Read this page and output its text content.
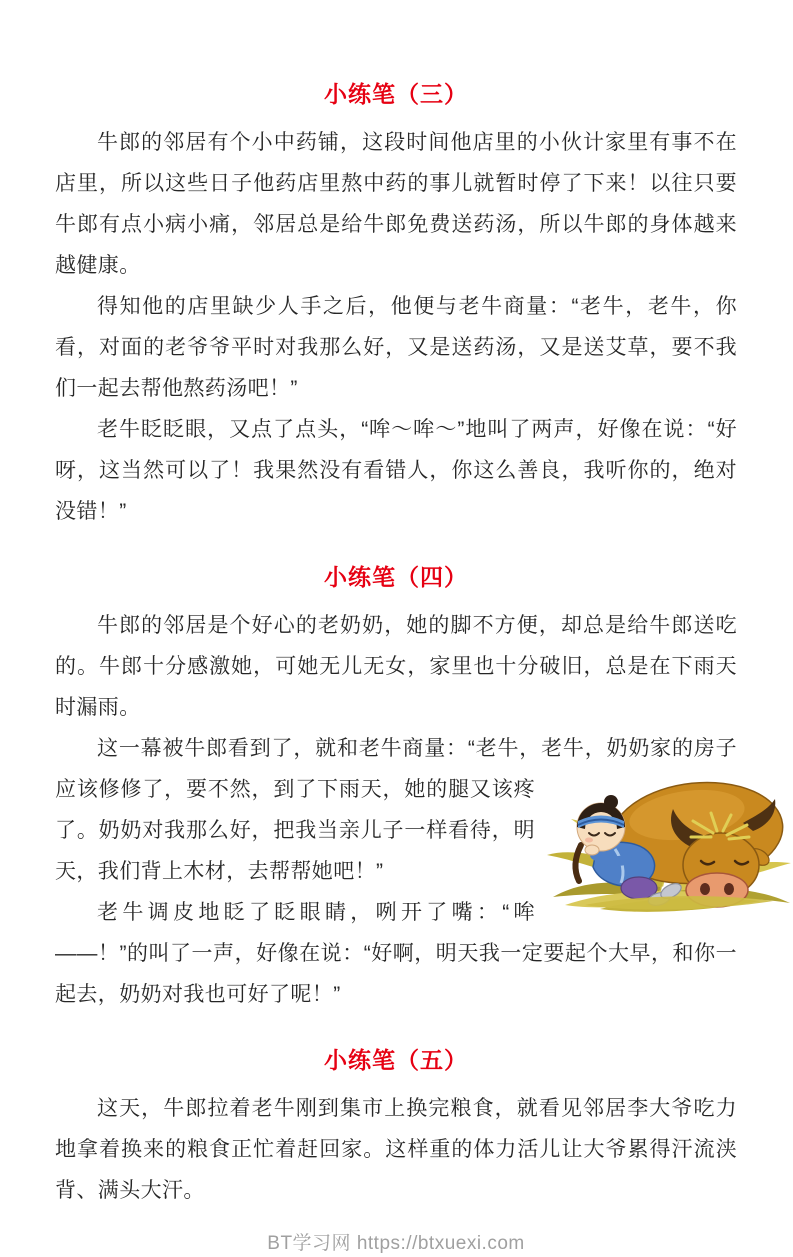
小练笔（三）

牛郎的邻居有个小中药铺，这段时间他店里的小伙计家里有事不在店里，所以这些日子他药店里熬中药的事儿就暂时停了下来！以往只要牛郎有点小病小痛，邻居总是给牛郎免费送药汤，所以牛郎的身体越来越健康。

得知他的店里缺少人手之后，他便与老牛商量：“老牛，老牛，你看，对面的老爷爷平时对我那么好，又是送药汤，又是送艾草，要不我们一起去帮他熬药汤吧！”

老牛眨眨眼，又点了点头，“哞～哞～”地叫了两声，好像在说：“好呀，这当然可以了！我果然没有看错人，你这么善良，我听你的，绝对没错！”

小练笔（四）

牛郎的邻居是个好心的老奶奶，她的脚不方便，却总是给牛郎送吃的。牛郎十分感激她，可她无儿无女，家里也十分破旧，总是在下雨天时漏雨。

这一幕被牛郎看到了，就和老牛商量：“老牛，老牛，奶奶家的房子应该修修了，要不然，到了下雨天，她的腿又该疼了。奶奶对我那么好，把我当亲儿子一样看待，明天，我们背上木材，去帮帮她吧！”

老牛调皮地眨了眨眼睛，咧开了嘴：“哞——！”的叫了一声，好像在说：“好啊，明天我一定要起个大早，和你一起去，奶奶对我也可好了呢！”

小练笔（五）

这天，牛郎拉着老牛刚到集市上换完粮食，就看见邻居李大爷吃力地拿着换来的粮食正忙着赶回家。这样重的体力活儿让大爷累得汗流浃背、满头大汗。

BT学习网 https://btxuexi.com
